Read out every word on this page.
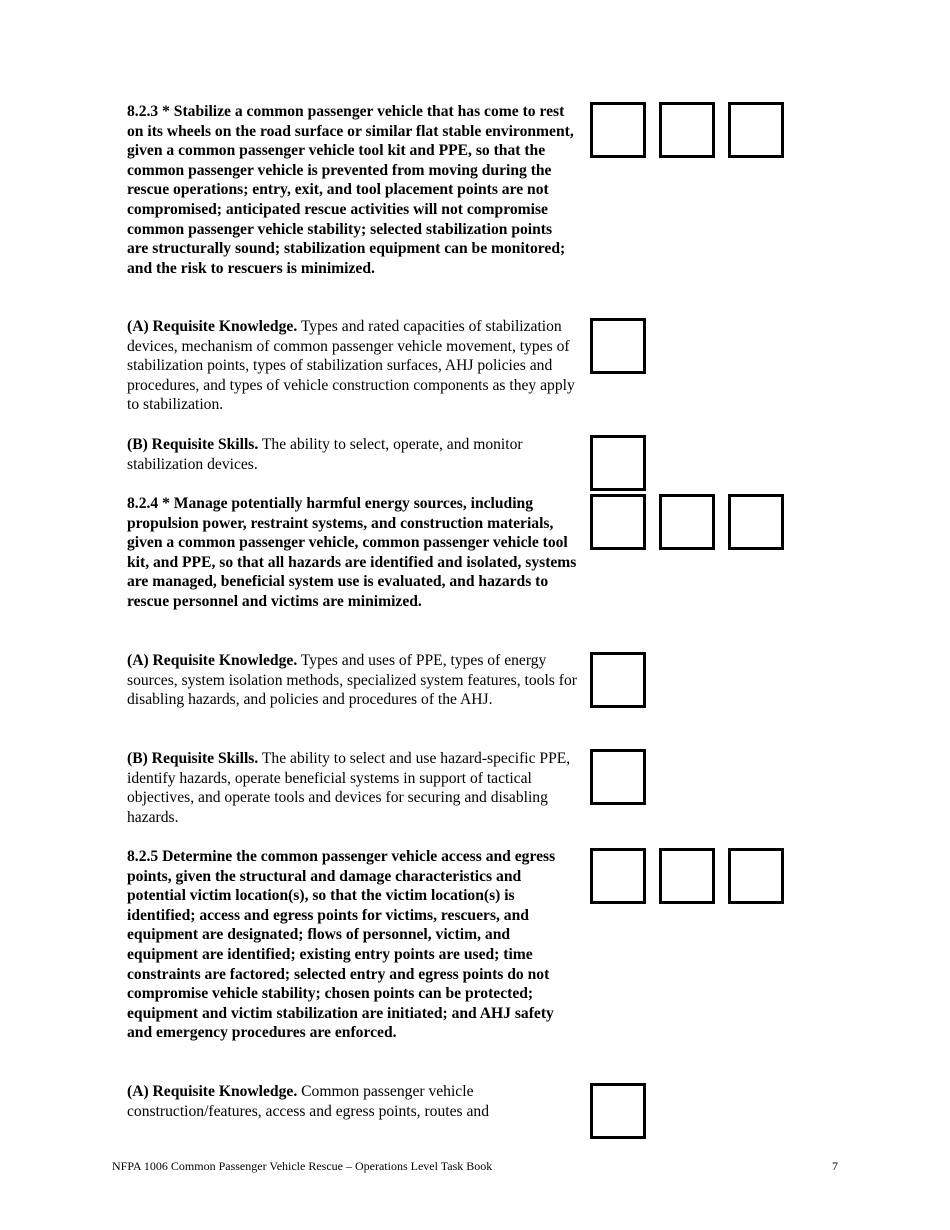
8.2.3 * Stabilize a common passenger vehicle that has come to rest on its wheels on the road surface or similar flat stable environment, given a common passenger vehicle tool kit and PPE, so that the common passenger vehicle is prevented from moving during the rescue operations; entry, exit, and tool placement points are not compromised; anticipated rescue activities will not compromise common passenger vehicle stability; selected stabilization points are structurally sound; stabilization equipment can be monitored; and the risk to rescuers is minimized.

(A) Requisite Knowledge. Types and rated capacities of stabilization devices, mechanism of common passenger vehicle movement, types of stabilization points, types of stabilization surfaces, AHJ policies and procedures, and types of vehicle construction components as they apply to stabilization.

(B) Requisite Skills. The ability to select, operate, and monitor stabilization devices.

8.2.4 * Manage potentially harmful energy sources, including propulsion power, restraint systems, and construction materials, given a common passenger vehicle, common passenger vehicle tool kit, and PPE, so that all hazards are identified and isolated, systems are managed, beneficial system use is evaluated, and hazards to rescue personnel and victims are minimized.

(A) Requisite Knowledge. Types and uses of PPE, types of energy sources, system isolation methods, specialized system features, tools for disabling hazards, and policies and procedures of the AHJ.

(B) Requisite Skills. The ability to select and use hazard-specific PPE, identify hazards, operate beneficial systems in support of tactical objectives, and operate tools and devices for securing and disabling hazards.

8.2.5 Determine the common passenger vehicle access and egress points, given the structural and damage characteristics and potential victim location(s), so that the victim location(s) is identified; access and egress points for victims, rescuers, and equipment are designated; flows of personnel, victim, and equipment are identified; existing entry points are used; time constraints are factored; selected entry and egress points do not compromise vehicle stability; chosen points can be protected; equipment and victim stabilization are initiated; and AHJ safety and emergency procedures are enforced.

(A) Requisite Knowledge. Common passenger vehicle construction/features, access and egress points, routes and

NFPA 1006 Common Passenger Vehicle Rescue – Operations Level Task Book	7
